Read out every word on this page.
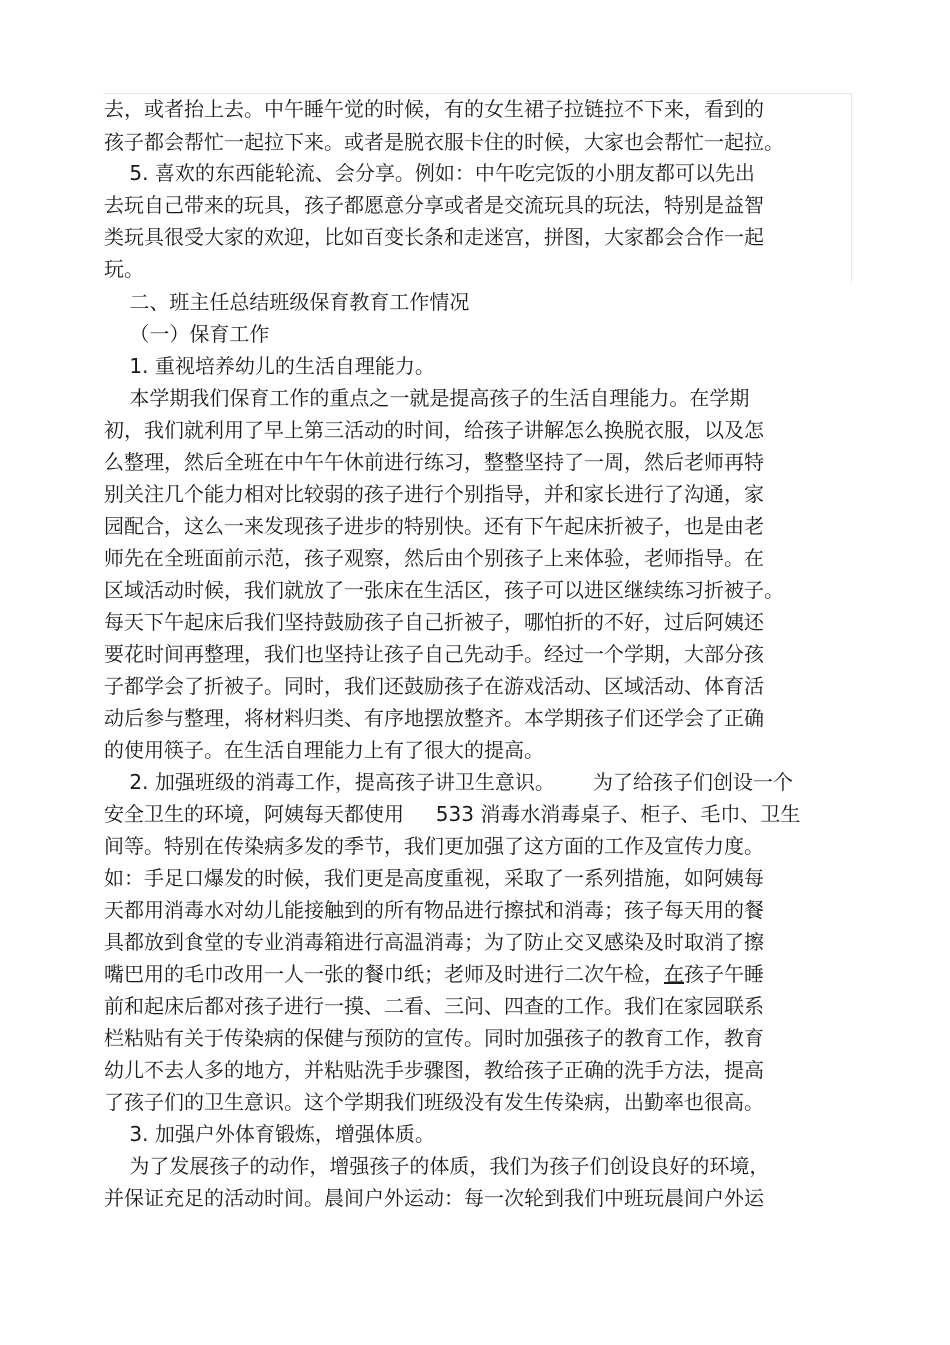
去，或者抬上去。中午睡午觉的时候，有的女生裙子拉链拉不下来，看到的
孩子都会帮忙一起拉下来。或者是脱衣服卡住的时候，大家也会帮忙一起拉。
5. 喜欢的东西能轮流、会分享。例如：中午吃完饭的小朋友都可以先出
去玩自己带来的玩具，孩子都愿意分享或者是交流玩具的玩法，特别是益智
类玩具很受大家的欢迎，比如百变长条和走迷宫，拼图，大家都会合作一起
玩。
二、班主任总结班级保育教育工作情况
（一）保育工作
1. 重视培养幼儿的生活自理能力。
本学期我们保育工作的重点之一就是提高孩子的生活自理能力。在学期
初，我们就利用了早上第三活动的时间，给孩子讲解怎么换脱衣服，以及怎
么整理，然后全班在中午午休前进行练习，整整坚持了一周，然后老师再特
别关注几个能力相对比较弱的孩子进行个别指导，并和家长进行了沟通，家
园配合，这么一来发现孩子进步的特别快。还有下午起床折被子，也是由老
师先在全班面前示范，孩子观察，然后由个别孩子上来体验，老师指导。在
区域活动时候，我们就放了一张床在生活区，孩子可以进区继续练习折被子。
每天下午起床后我们坚持鼓励孩子自己折被子，哪怕折的不好，过后阿姨还
要花时间再整理，我们也坚持让孩子自己先动手。经过一个学期，大部分孩
子都学会了折被子。同时，我们还鼓励孩子在游戏活动、区域活动、体育活
动后参与整理，将材料归类、有序地摆放整齐。本学期孩子们还学会了正确
的使用筷子。在生活自理能力上有了很大的提高。
2. 加强班级的消毒工作，提高孩子讲卫生意识。      为了给孩子们创设一个
安全卫生的环境，阿姨每天都使用     533 消毒水消毒桌子、柜子、毛巾、卫生
间等。特别在传染病多发的季节，我们更加强了这方面的工作及宣传力度。
如：手足口爆发的时候，我们更是高度重视，采取了一系列措施，如阿姨每
天都用消毒水对幼儿能接触到的所有物品进行擦拭和消毒；孩子每天用的餐
具都放到食堂的专业消毒箱进行高温消毒；为了防止交叉感染及时取消了擦
嘴巴用的毛巾改用一人一张的餐巾纸；老师及时进行二次午检，在孩子午睡
前和起床后都对孩子进行一摸、二看、三问、四查的工作。我们在家园联系
栏粘贴有关于传染病的保健与预防的宣传。同时加强孩子的教育工作，教育
幼儿不去人多的地方，并粘贴洗手步骤图，教给孩子正确的洗手方法，提高
了孩子们的卫生意识。这个学期我们班级没有发生传染病，出勤率也很高。
3. 加强户外体育锻炼，增强体质。
为了发展孩子的动作，增强孩子的体质，我们为孩子们创设良好的环境，
并保证充足的活动时间。晨间户外运动：每一次轮到我们中班玩晨间户外运
